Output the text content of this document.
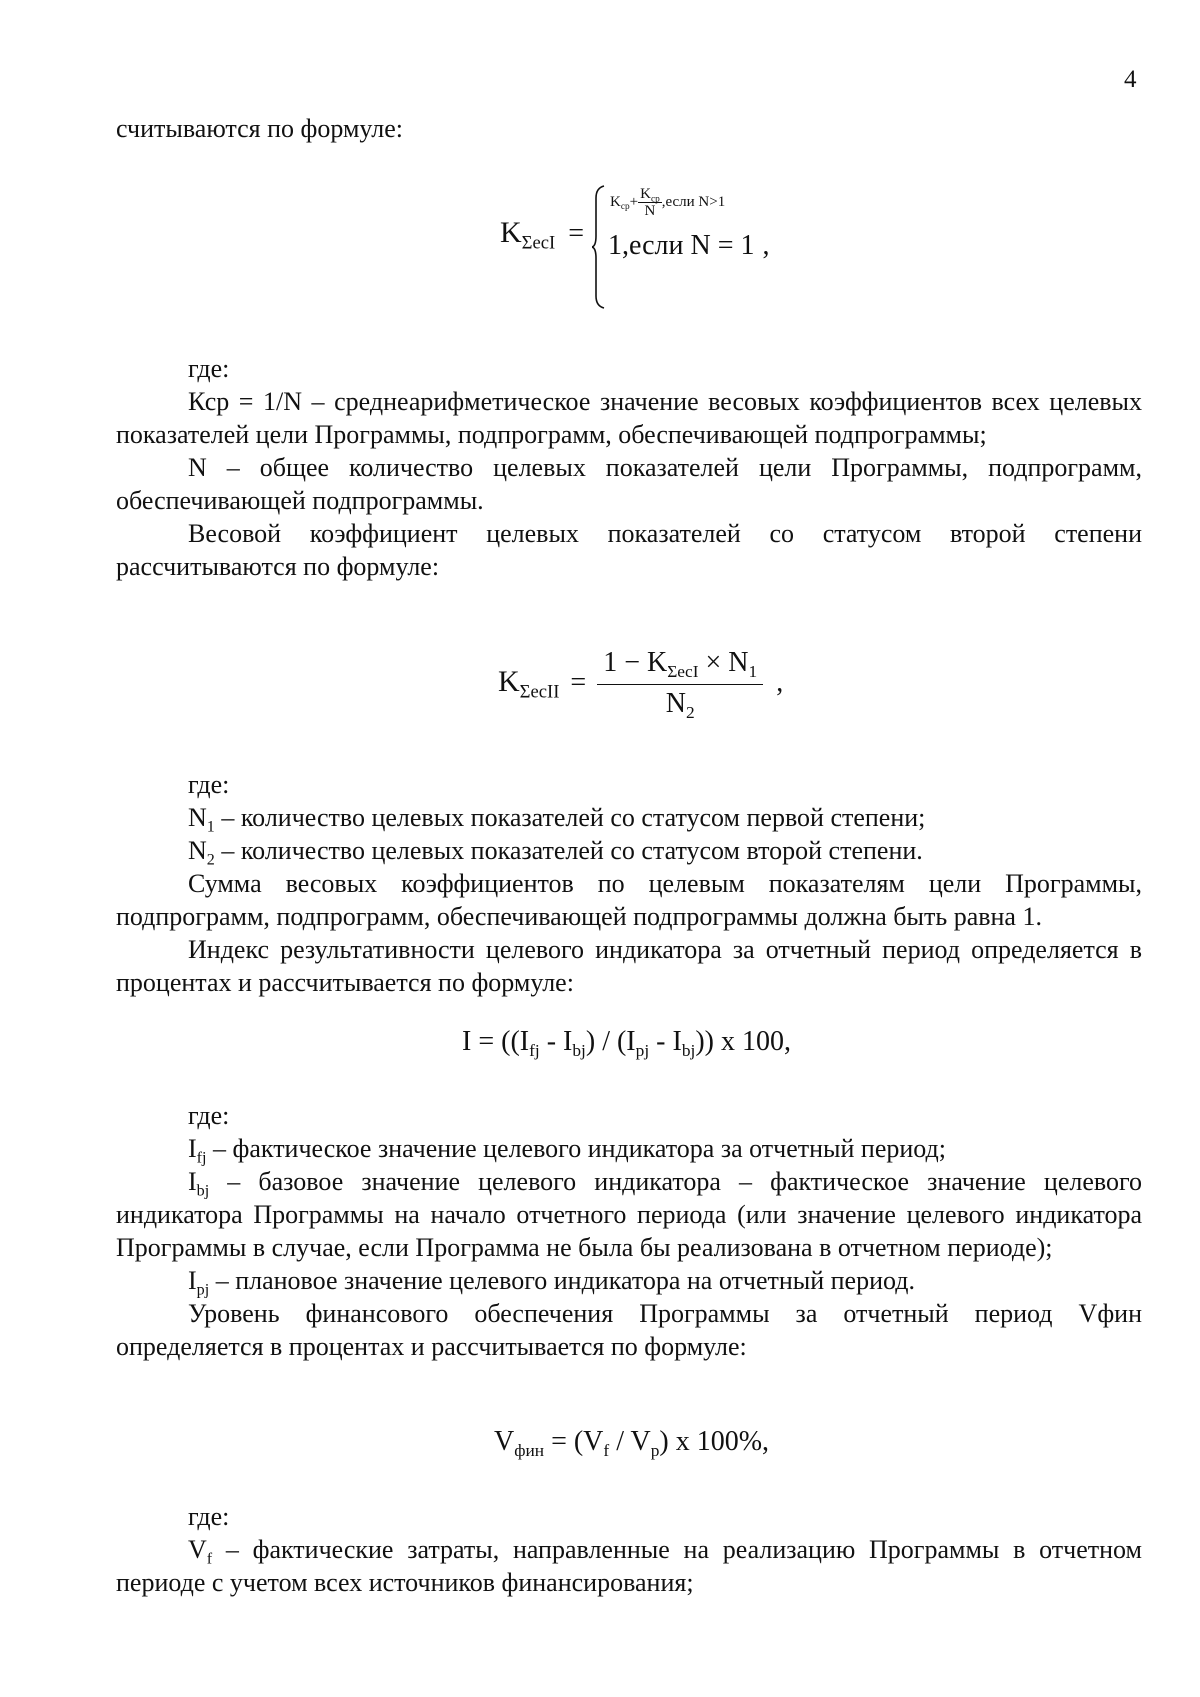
4

считываются по формуле:

$K_{\Sigma ecI}$ =
$K_{cp}+ \frac{K_{cp}}{N}$ ,если N>1
1,если N = 1 ,

где:

Кср = 1/N – среднеарифметическое значение весовых коэффициентов всех целевых показателей цели Программы, подпрограмм, обеспечивающей подпрограммы;

N – общее количество целевых показателей цели Программы, подпрограмм, обеспечивающей подпрограммы.

Весовой коэффициент целевых показателей со статусом второй степени рассчитываются по формуле:

$K_{\Sigma ecII} = \frac{1 - K_{\Sigma ecI} \times N_1}{N_2}$ ,

где:

$N_1$ – количество целевых показателей со статусом первой степени;

$N_2$ – количество целевых показателей со статусом второй степени.

Сумма весовых коэффициентов по целевым показателям цели Программы, подпрограмм, подпрограмм, обеспечивающей подпрограммы должна быть равна 1.

Индекс результативности целевого индикатора за отчетный период определяется в процентах и рассчитывается по формуле:

$I = ((I_{fj} - I_{bj}) / (I_{pj} - I_{bj}))$ x 100,

где:

$I_{fj}$ – фактическое значение целевого индикатора за отчетный период;

$I_{bj}$ – базовое значение целевого индикатора – фактическое значение целевого индикатора Программы на начало отчетного периода (или значение целевого индикатора Программы в случае, если Программа не была бы реализована в отчетном периоде);

$I_{pj}$ – плановое значение целевого индикатора на отчетный период.

Уровень финансового обеспечения Программы за отчетный период Vфин определяется в процентах и рассчитывается по формуле:

$V_{фин} = (V_f / V_p)$ x 100%,

где:

$V_f$ – фактические затраты, направленные на реализацию Программы в отчетном периоде с учетом всех источников финансирования;
